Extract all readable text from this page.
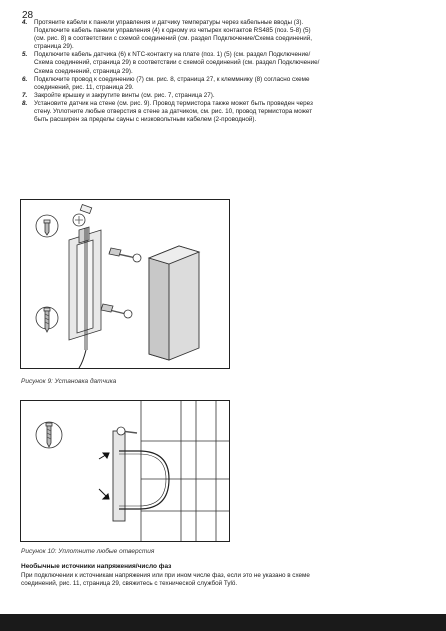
28
4. Протяните кабели к панели управления и датчику температуры через кабельные вводы (3). Подключите кабель панели управления (4) к одному из четырех контактов RS485 (поз. 5-8) (5) (см. рис. 8) в соответствии с схемой соединений (см. раздел Подключение/Схема соединений, страница 29).
5. Подключите кабель датчика (6) к NTC-контакту на плате (поз. 1) (5) (см. раздел Подключение/Схема соединений, страница 29) в соответствии с схемой соединений (см. раздел Подключение/Схема соединений, страница 29).
6. Подключите провод к соединению (7) см. рис. 8, страница 27, к клеммнику (8) согласно схеме соединений, рис. 11, страница 29.
7. Закройте крышку и закрутите винты (см. рис. 7, страница 27).
8. Установите датчик на стене (см. рис. 9). Провод термистора также может быть проведен через стену. Уплотните любые отверстия в стене за датчиком, см. рис. 10, провод термистора может быть расширен за пределы сауны с низковольтным кабелем (2-проводной).
Рисунок 9: Установка датчика
Рисунок 10: Уплотните любые отверстия

Необычные источники напряжения/число фаз

При подключении к источникам напряжения или при ином числе фаз, если это не указано в схеме соединений, рис. 11, страница 29, свяжитесь с технической службой Tylö.
